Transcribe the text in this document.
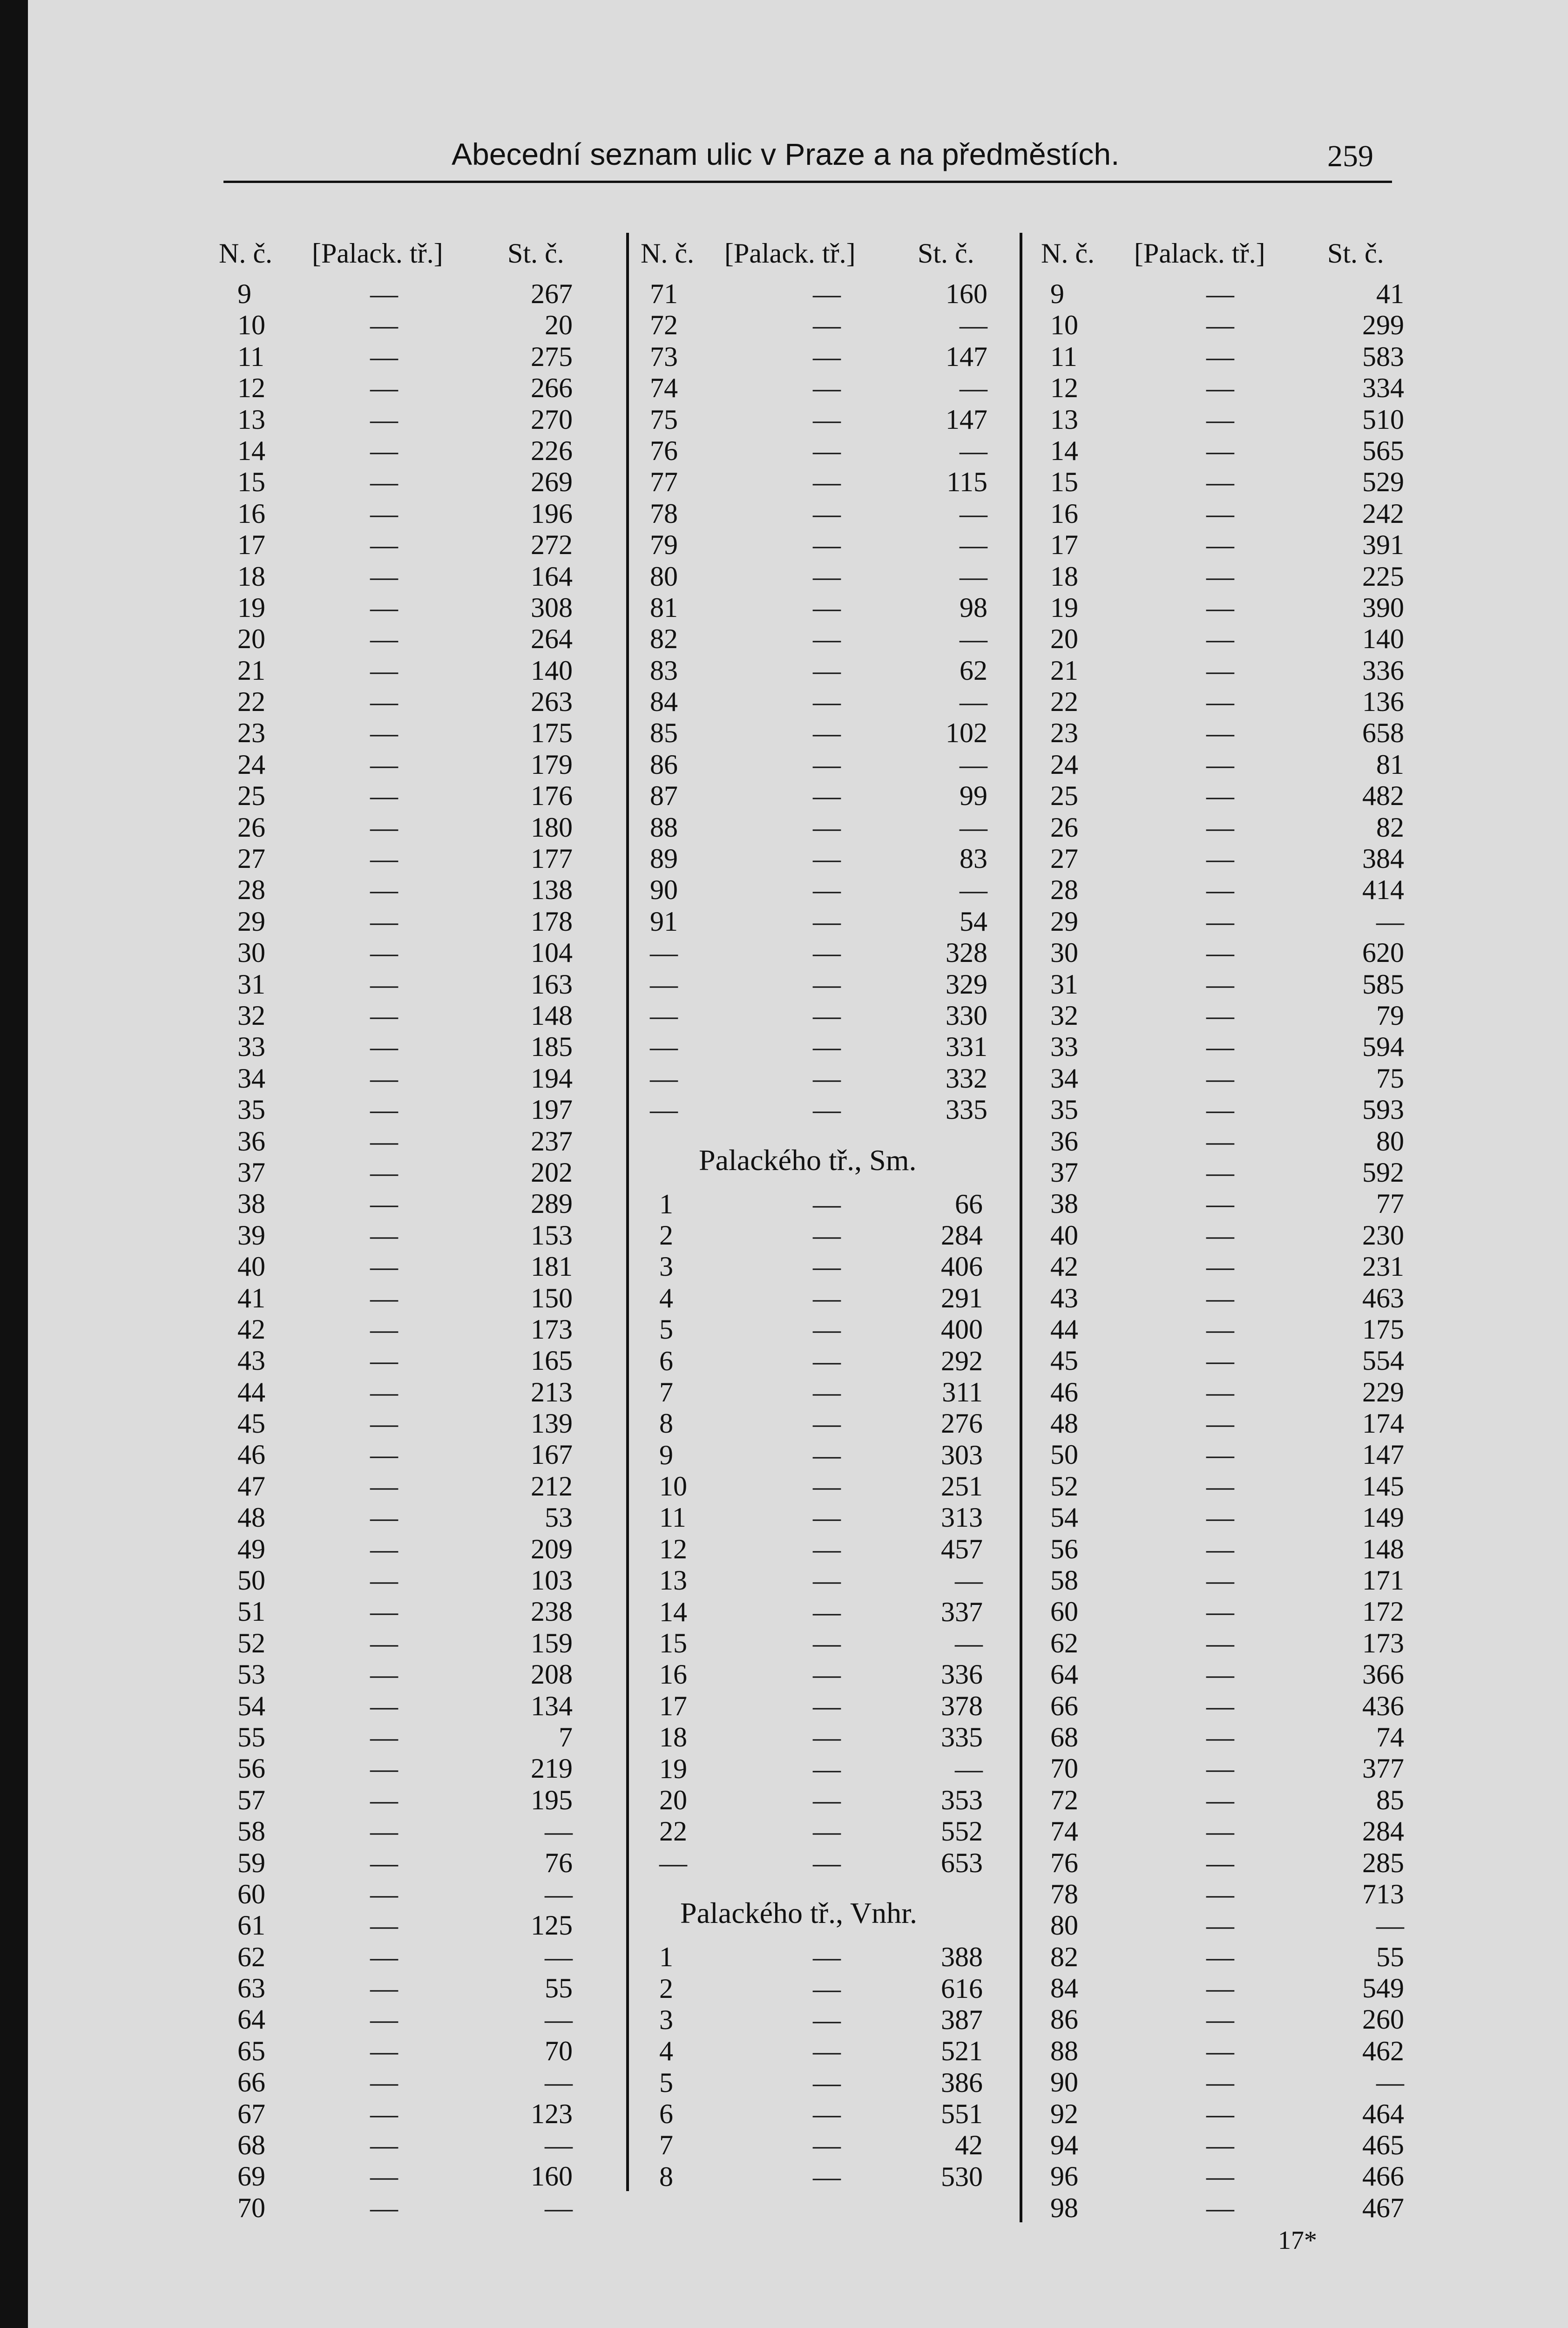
Abecední seznam ulic v Praze a na předměstích.	259
N. č. [Palack. tř.] St. č.
9	—	267
10	—	20
11	—	275
12	—	266
13	—	270
14	—	226
15	—	269
16	—	196
17	—	272
18	—	164
19	—	308
20	—	264
21	—	140
22	—	263
23	—	175
24	—	179
25	—	176
26	—	180
27	—	177
28	—	138
29	—	178
30	—	104
31	—	163
32	—	148
33	—	185
34	—	194
35	—	197
36	—	237
37	—	202
38	—	289
39	—	153
40	—	181
41	—	150
42	—	173
43	—	165
44	—	213
45	—	139
46	—	167
47	—	212
48	—	53
49	—	209
50	—	103
51	—	238
52	—	159
53	—	208
54	—	134
55	—	7
56	—	219
57	—	195
58	—	—
59	—	76
60	—	—
61	—	125
62	—	—
63	—	55
64	—	—
65	—	70
66	—	—
67	—	123
68	—	—
69	—	160
70	—	—
N. č. [Palack. tř.] St. č.
71	—	160
72	—	—
73	—	147
74	—	—
75	—	147
76	—	—
77	—	115
78	—	—
79	—	—
80	—	—
81	—	98
82	—	—
83	—	62
84	—	—
85	—	102
86	—	—
87	—	99
88	—	—
89	—	83
90	—	—
91	—	54
—	—	328
—	—	329
—	—	330
—	—	331
—	—	332
—	—	335
Palackého tř., Sm.
1	—	66
2	—	284
3	—	406
4	—	291
5	—	400
6	—	292
7	—	311
8	—	276
9	—	303
10	—	251
11	—	313
12	—	457
13	—	—
14	—	337
15	—	—
16	—	336
17	—	378
18	—	335
19	—	—
20	—	353
22	—	552
—	—	653
Palackého tř., Vnhr.
1	—	388
2	—	616
3	—	387
4	—	521
5	—	386
6	—	551
7	—	42
8	—	530
N. č. [Palack. tř.] St. č.
9	—	41
10	—	299
11	—	583
12	—	334
13	—	510
14	—	565
15	—	529
16	—	242
17	—	391
18	—	225
19	—	390
20	—	140
21	—	336
22	—	136
23	—	658
24	—	81
25	—	482
26	—	82
27	—	384
28	—	414
29	—	—
30	—	620
31	—	585
32	—	79
33	—	594
34	—	75
35	—	593
36	—	80
37	—	592
38	—	77
40	—	230
42	—	231
43	—	463
44	—	175
45	—	554
46	—	229
48	—	174
50	—	147
52	—	145
54	—	149
56	—	148
58	—	171
60	—	172
62	—	173
64	—	366
66	—	436
68	—	74
70	—	377
72	—	85
74	—	284
76	—	285
78	—	713
80	—	—
82	—	55
84	—	549
86	—	260
88	—	462
90	—	—
92	—	464
94	—	465
96	—	466
98	—	467
17*
